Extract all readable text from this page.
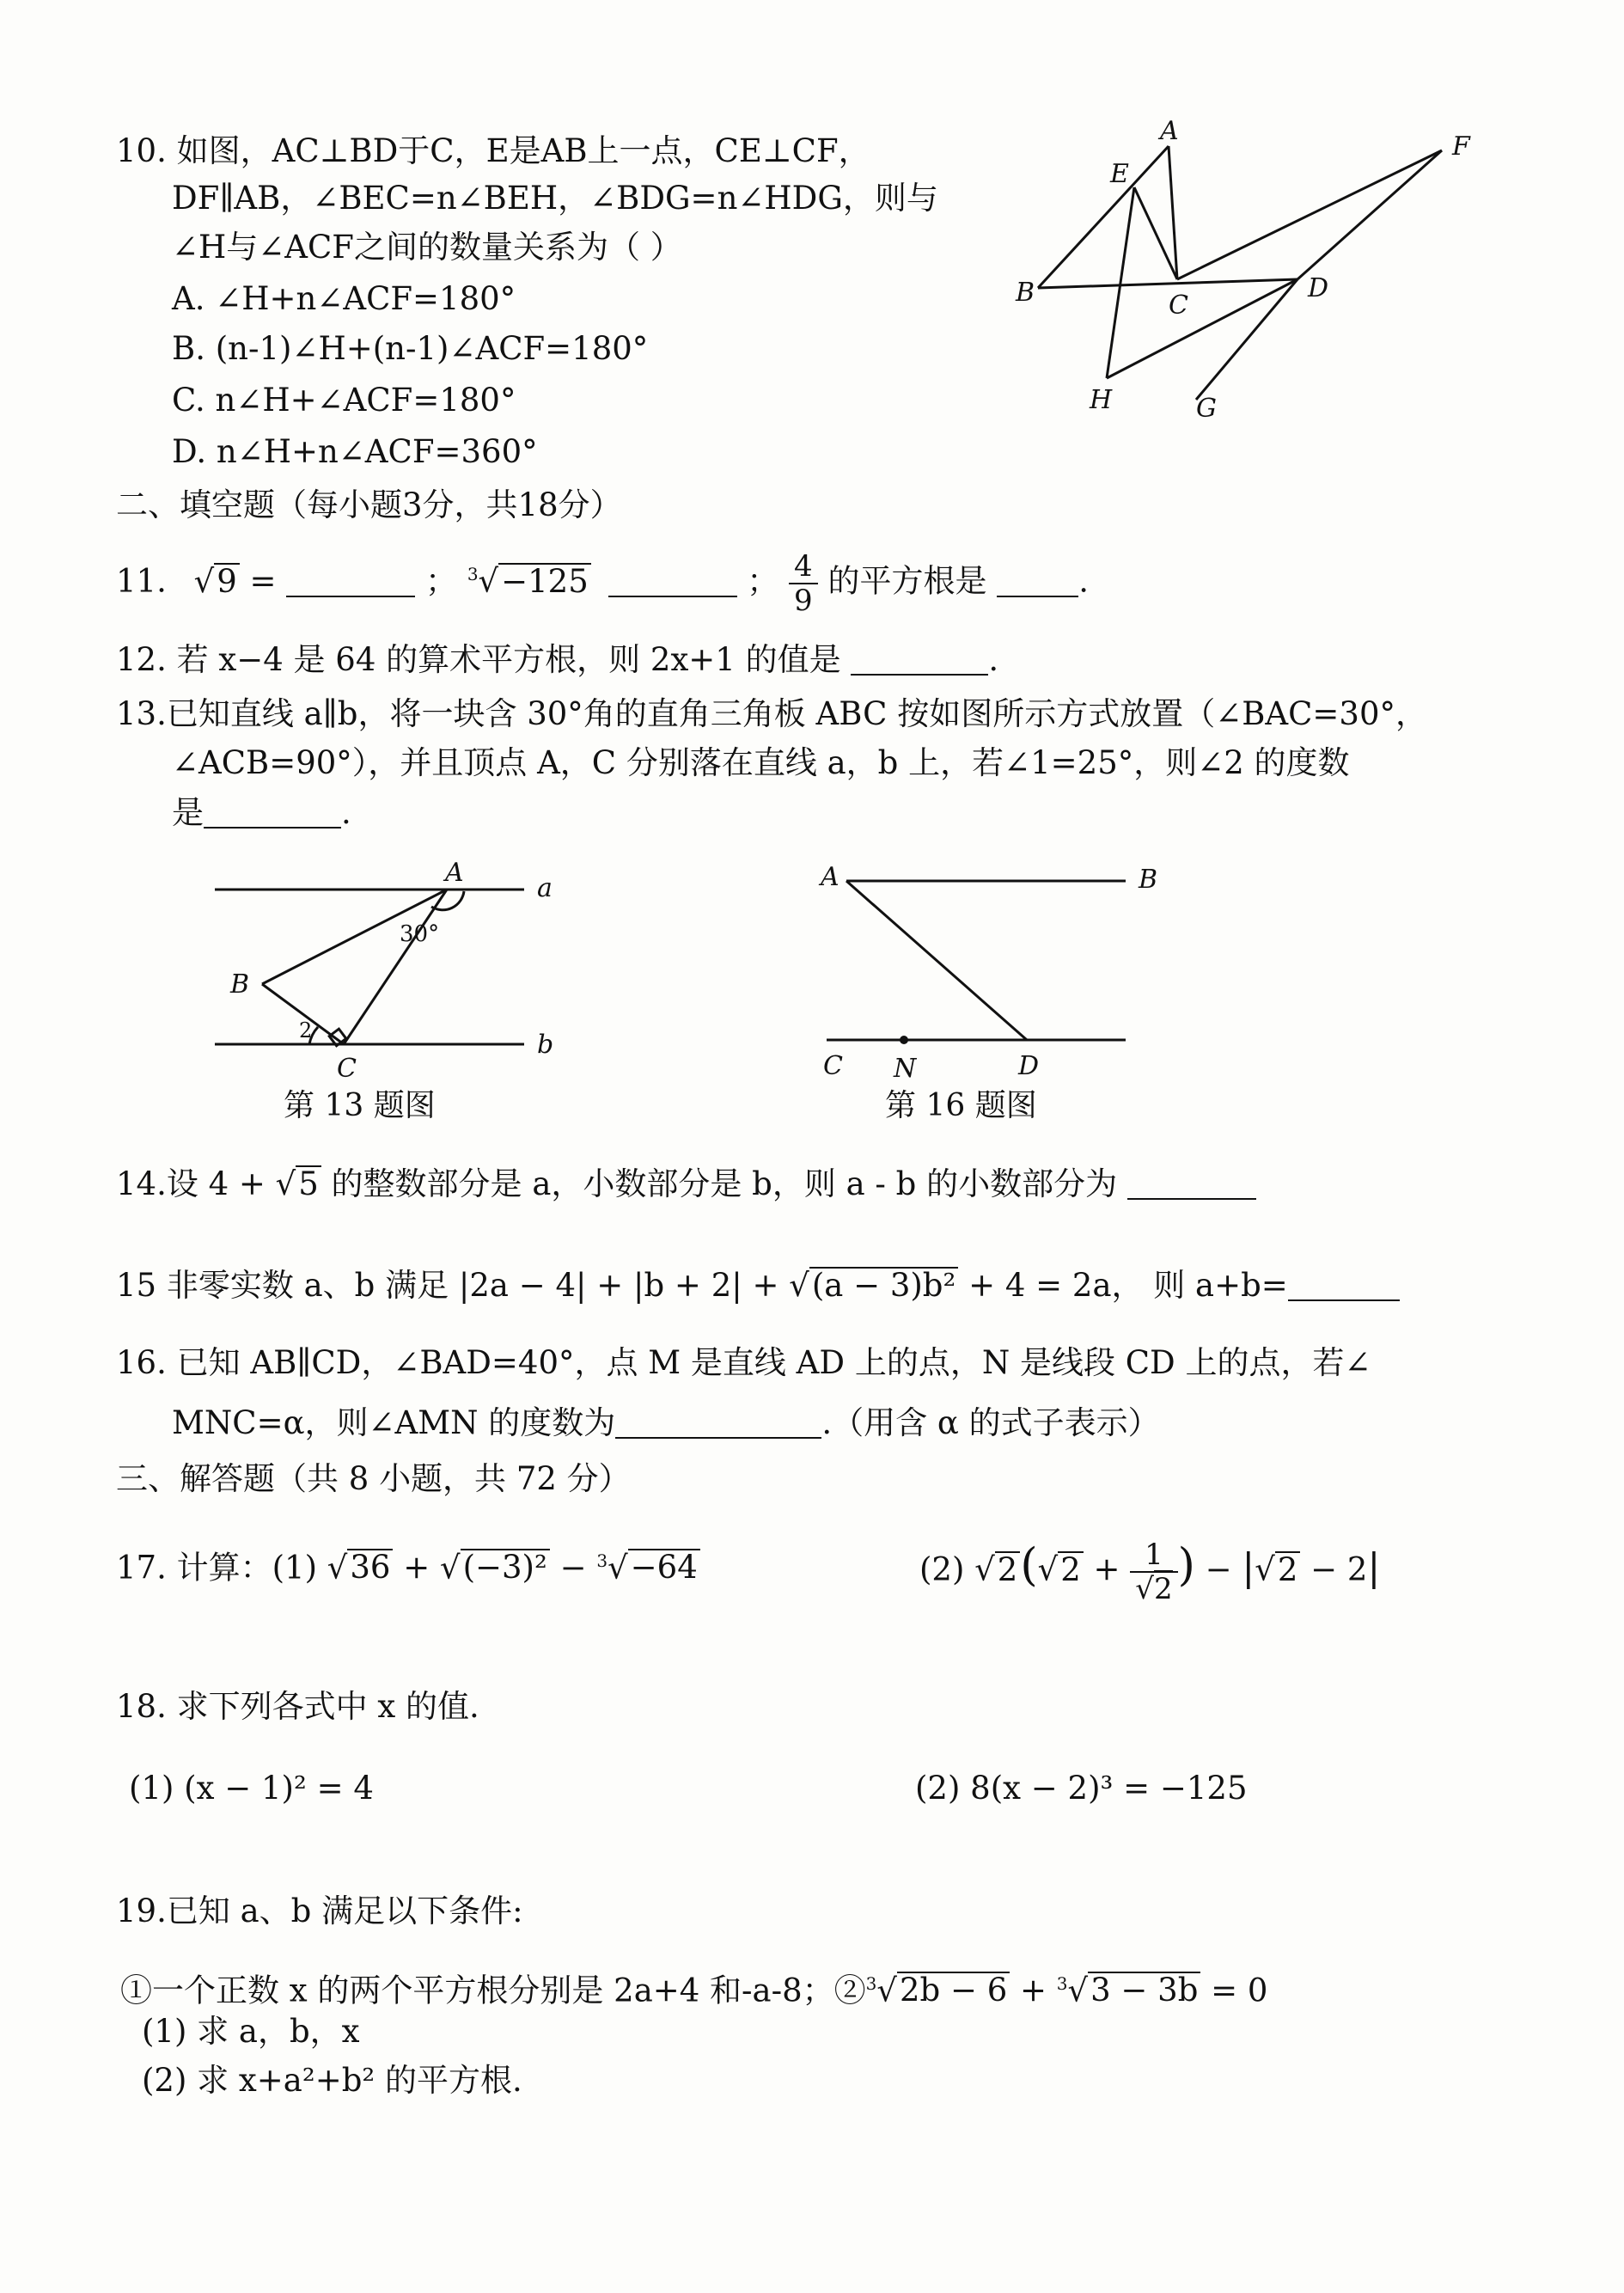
10. 如图，AC⊥BD于C，E是AB上一点，CE⊥CF，
DF∥AB，∠BEC=n∠BEH，∠BDG=n∠HDG，则与
∠H与∠ACF之间的数量关系为（ ）
A. ∠H+n∠ACF=180°
B. (n-1)∠H+(n-1)∠ACF=180°
C. n∠H+∠ACF=180°
D. n∠H+n∠ACF=360°
A
E
F
B	C
D
H	G
二、填空题（每小题3分，共18分）
11. √9 =	； $^3$√−125	； $\frac{4}{9}$ 的平方根是	.
12. 若 x−4 是 64 的算术平方根，则 2x+1 的值是	.
13.已知直线 a∥b，将一块含 30°角的直角三角板 ABC 按如图所示方式放置（∠BAC=30°，
∠ACB=90°），并且顶点 A，C 分别落在直线 a，b 上，若∠1=25°，则∠2 的度数
是	.
A
a
30°
B
2	b
C
第 13 题图
A	B
C N	D
第 16 题图
14.设 4 + √5 的整数部分是 a，小数部分是 b，则 a - b 的小数部分为
15 非零实数 a、b 满足 |2a − 4| + |b + 2| + √(a − 3)b² + 4 = 2a， 则 a+b=
16. 已知 AB∥CD，∠BAD=40°，点 M 是直线 AD 上的点，N 是线段 CD 上的点，若∠
MNC=α，则∠AMN 的度数为	.（用含 α 的式子表示）
三、解答题（共 8 小题，共 72 分）
17. 计算：(1) √36 + √(−3)² − $^3$√−64	(2) $√2(√2 + \frac{1}{√2}$ ) − |√2 − 2|
18. 求下列各式中 x 的值.
(1) (x − 1)² = 4	(2) 8(x − 2)³ = −125
19.已知 a、b 满足以下条件:
①一个正数 x 的两个平方根分别是 2a+4 和-a-8；②$^3$√2b − 6 + $^3$√3 − 3b = 0
(1) 求 a，b，x
(2) 求 x+a²+b² 的平方根.
